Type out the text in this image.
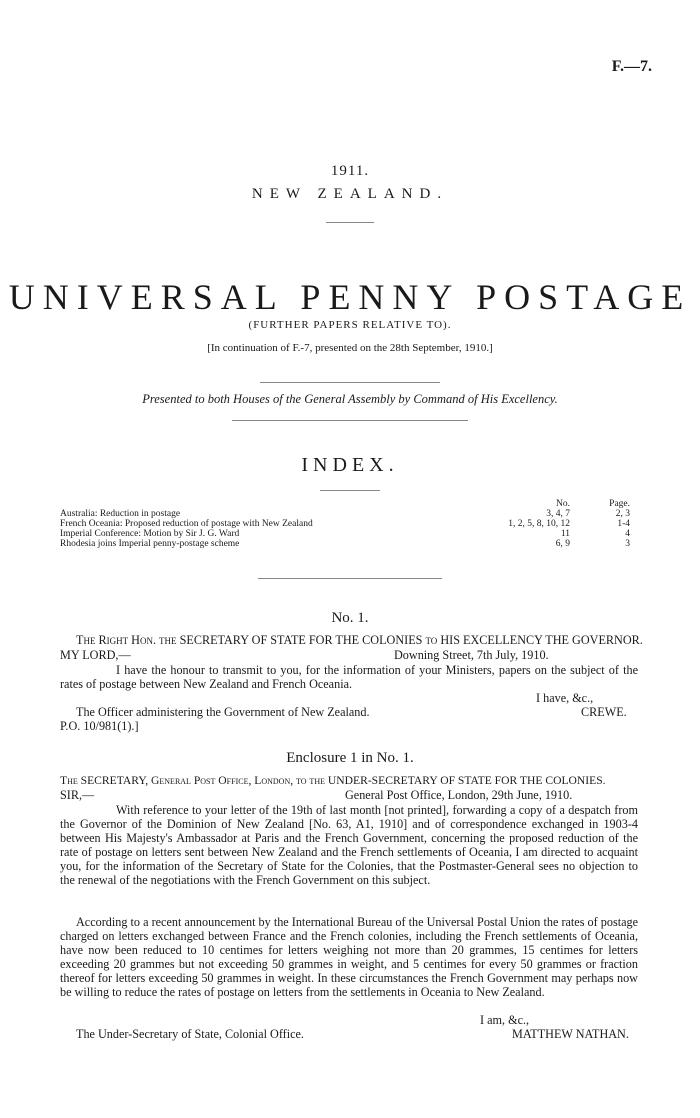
F.—7.
1911.
NEW ZEALAND.
UNIVERSAL PENNY POSTAGE
(FURTHER PAPERS RELATIVE TO).
[In continuation of F.-7, presented on the 28th September, 1910.]
Presented to both Houses of the General Assembly by Command of His Excellency.
INDEX.
No.	Page.
Australia: Reduction in postage	3, 4, 7	2, 3
French Oceania: Proposed reduction of postage with New Zealand	1, 2, 5, 8, 10, 12	1-4
Imperial Conference: Motion by Sir J. G. Ward	11	4
Rhodesia joins Imperial penny-postage scheme	6, 9	3
No. 1.
The Right Hon. the SECRETARY OF STATE FOR THE COLONIES to HIS EXCELLENCY THE GOVERNOR.
MY LORD,—	Downing Street, 7th July, 1910.
I have the honour to transmit to you, for the information of your Ministers, papers on the subject of the rates of postage between New Zealand and French Oceania.
I have, &c.,
The Officer administering the Government of New Zealand.	CREWE.
P.O. 10/981(1).]
Enclosure 1 in No. 1.
The SECRETARY, General Post Office, London, to the UNDER-SECRETARY OF STATE FOR THE COLONIES.
SIR,—	General Post Office, London, 29th June, 1910.
With reference to your letter of the 19th of last month [not printed], forwarding a copy of a despatch from the Governor of the Dominion of New Zealand [No. 63, A1, 1910] and of correspondence exchanged in 1903-4 between His Majesty's Ambassador at Paris and the French Government, concerning the proposed reduction of the rate of postage on letters sent between New Zealand and the French settlements of Oceania, I am directed to acquaint you, for the information of the Secretary of State for the Colonies, that the Postmaster-General sees no objection to the renewal of the negotiations with the French Government on this subject.
According to a recent announcement by the International Bureau of the Universal Postal Union the rates of postage charged on letters exchanged between France and the French colonies, including the French settlements of Oceania, have now been reduced to 10 centimes for letters weighing not more than 20 grammes, 15 centimes for letters exceeding 20 grammes but not exceeding 50 grammes in weight, and 5 centimes for every 50 grammes or fraction thereof for letters exceeding 50 grammes in weight. In these circumstances the French Government may perhaps now be willing to reduce the rates of postage on letters from the settlements in Oceania to New Zealand.
I am, &c.,
The Under-Secretary of State, Colonial Office.	MATTHEW NATHAN.
